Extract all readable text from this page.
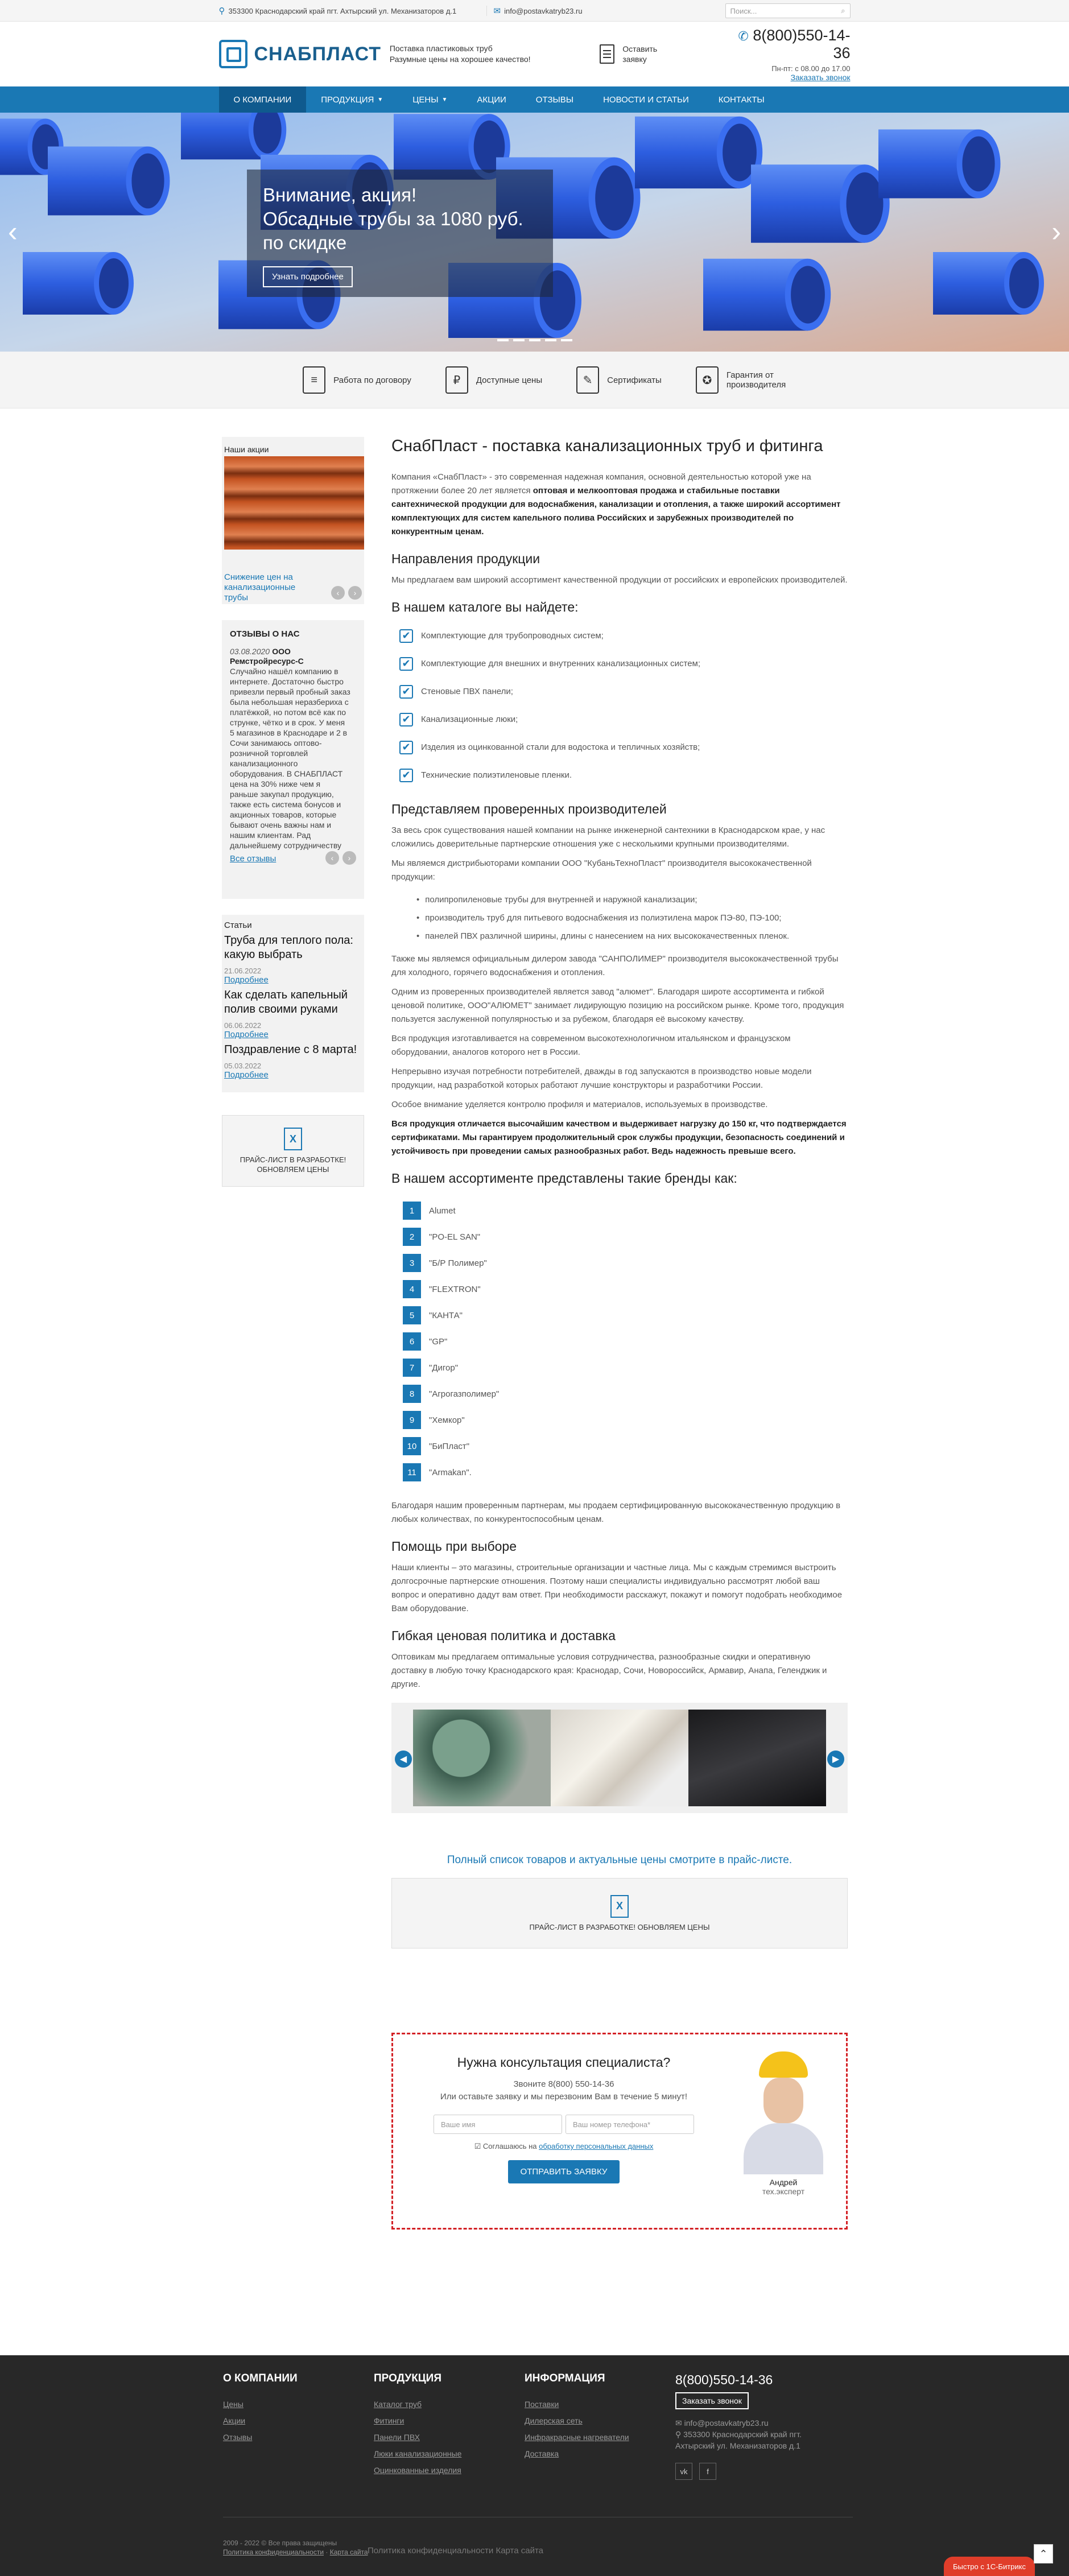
⚲ 353300 Краснодарский край пгт. Ахтырский ул. Механизаторов д.1	✉ info@postavkatryb23.ru	Поиск...	⌕
СНАБПЛАСТ Поставка пластиковых труб
Разумные цены на хорошее качество!
Оставить
заявку
✆ 8(800)550-14-36
Пн-пт: с 08.00 до 17.00
Заказать звонок
О КОМПАНИИ	ПРОДУКЦИЯ ▼	ЦЕНЫ ▼	АКЦИИ	ОТЗЫВЫ	НОВОСТИ И СТАТЬИ	КОНТАКТЫ
Внимание, акция!
Обсадные трубы за 1080 руб. по скидке
Узнать подробнее
‹	›
≡	Работа по договору	₽	Доступные цены	✎	Сертификаты	✪	Гарантия от производителя
Наши акции
Снижение цен на канализационные трубы	‹	›
ОТЗЫВЫ О НАС
03.08.2020 ООО Ремстройресурс-С
Случайно нашёл компанию в интернете. Достаточно быстро привезли первый пробный заказ была небольшая неразбериха с платёжкой, но потом всё как по струнке, чётко и в срок. У меня 5 магазинов в Краснодаре и 2 в Сочи занимаюсь оптово-розничной торговлей канализационного оборудования. В СНАБПЛАСТ цена на 30% ниже чем я раньше закупал продукцию, также есть система бонусов и акционных товаров, которые бывают очень важны нам и нашим клиентам. Рад дальнейшему сотрудничеству
Все отзывы	‹	›
Статьи
Труба для теплого пола: какую выбрать
21.06.2022
Подробнее
Как сделать капельный полив своими руками
06.06.2022
Подробнее
Поздравление с 8 марта!
05.03.2022
Подробнее
X
ПРАЙС-ЛИСТ В РАЗРАБОТКЕ! ОБНОВЛЯЕМ ЦЕНЫ
СнабПласт - поставка канализационных труб и фитинга

Компания «СнабПласт» - это современная надежная компания, основной деятельностью которой уже на протяжении более 20 лет является оптовая и мелкооптовая продажа и стабильные поставки сантехнической продукции для водоснабжения, канализации и отопления, а также широкий ассортимент комплектующих для систем капельного полива Российских и зарубежных производителей по конкурентным ценам.

Направления продукции

Мы предлагаем вам широкий ассортимент качественной продукции от российских и европейских производителей.

В нашем каталоге вы найдете:
✔ Комплектующие для трубопроводных систем;
✔ Комплектующие для внешних и внутренних канализационных систем;
✔ Стеновые ПВХ панели;
✔ Канализационные люки;
✔ Изделия из оцинкованной стали для водостока и тепличных хозяйств;
✔ Технические полиэтиленовые пленки.
Представляем проверенных производителей

За весь срок существования нашей компании на рынке инженерной сантехники в Краснодарском крае, у нас сложились доверительные партнерские отношения уже с несколькими крупными производителями.

Мы являемся дистрибьюторами компании ООО "КубаньТехноПласт" производителя высококачественной продукции:

• полипропиленовые трубы для внутренней и наружной канализации;
• производитель труб для питьевого водоснабжения из полиэтилена марок ПЭ-80, ПЭ-100;
• панелей ПВХ различной ширины, длины с нанесением на них высококачественных пленок.

Также мы являемся официальным дилером завода "САНПОЛИМЕР" производителя высококачественной трубы для холодного, горячего водоснабжения и отопления.

Одним из проверенных производителей является завод "алюмет". Благодаря широте ассортимента и гибкой ценовой политике, ООО"АЛЮМЕТ" занимает лидирующую позицию на российском рынке. Кроме того, продукция пользуется заслуженной популярностью и за рубежом, благодаря её высокому качеству.

Вся продукция изготавливается на современном высокотехнологичном итальянском и французском оборудовании, аналогов которого нет в России.

Непрерывно изучая потребности потребителей, дважды в год запускаются в производство новые модели продукции, над разработкой которых работают лучшие конструкторы и разработчики России.

Особое внимание уделяется контролю профиля и материалов, используемых в производстве.

Вся продукция отличается высочайшим качеством и выдерживает нагрузку до 150 кг, что подтверждается сертификатами. Мы гарантируем продолжительный срок службы продукции, безопасность соединений и устойчивость при проведении самых разнообразных работ. Ведь надежность превыше всего.

В нашем ассортименте представлены такие бренды как:
1	Alumet
2	"PO-EL SAN"
3	"Б/Р Полимер"
4	"FLEXTRON"
5	"КАНТА"
6	"GP"
7	"Дигор"
8	"Агрогазполимер"
9	"Хемкор"
10	"БиПласт"
11	"Armakan".

Благодаря нашим проверенным партнерам, мы продаем сертифицированную высококачественную продукцию в любых количествах, по конкурентоспособным ценам.

Помощь при выборе

Наши клиенты – это магазины, строительные организации и частные лица. Мы с каждым стремимся выстроить долгосрочные партнерские отношения. Поэтому наши специалисты индивидуально рассмотрят любой ваш вопрос и оперативно дадут вам ответ. При необходимости расскажут, покажут и помогут подобрать необходимое Вам оборудование.

Гибкая ценовая политика и доставка

Оптовикам мы предлагаем оптимальные условия сотрудничества, разнообразные скидки и оперативную доставку в любую точку Краснодарского края: Краснодар, Сочи, Новороссийск, Армавир, Анапа, Геленджик и другие.

◀	▶
Полный список товаров и актуальные цены смотрите в прайс-листе.
X
ПРАЙС-ЛИСТ В РАЗРАБОТКЕ! ОБНОВЛЯЕМ ЦЕНЫ
Нужна консультация специалиста?
Звоните 8(800) 550-14-36
Или оставьте заявку и мы перезвоним Вам в течение 5 минут!
Ваше имя	Ваш номер телефона*
☑ Соглашаюсь на обработку персональных данных
ОТПРАВИТЬ ЗАЯВКУ
Андрей
тех.эксперт
О КОМПАНИИ
Цены
Акции
Отзывы
ПРОДУКЦИЯ
Каталог труб
Фитинги
Панели ПВХ
Люки канализационные
Оцинкованные изделия
ИНФОРМАЦИЯ
Поставки
Дилерская сеть
Инфракрасные нагреватели
Доставка
8(800)550-14-36
Заказать звонок
✉ info@postavkatryb23.ru
⚲ 353300 Краснодарский край пгт. Ахтырский ул. Механизаторов д.1
vk	f
2009 - 2022 © Все права защищены
Политика конфиденциальности · Карта сайта Политика конфиденциальности Карта сайта
Быстро с 1С-Битрикс
⌃
